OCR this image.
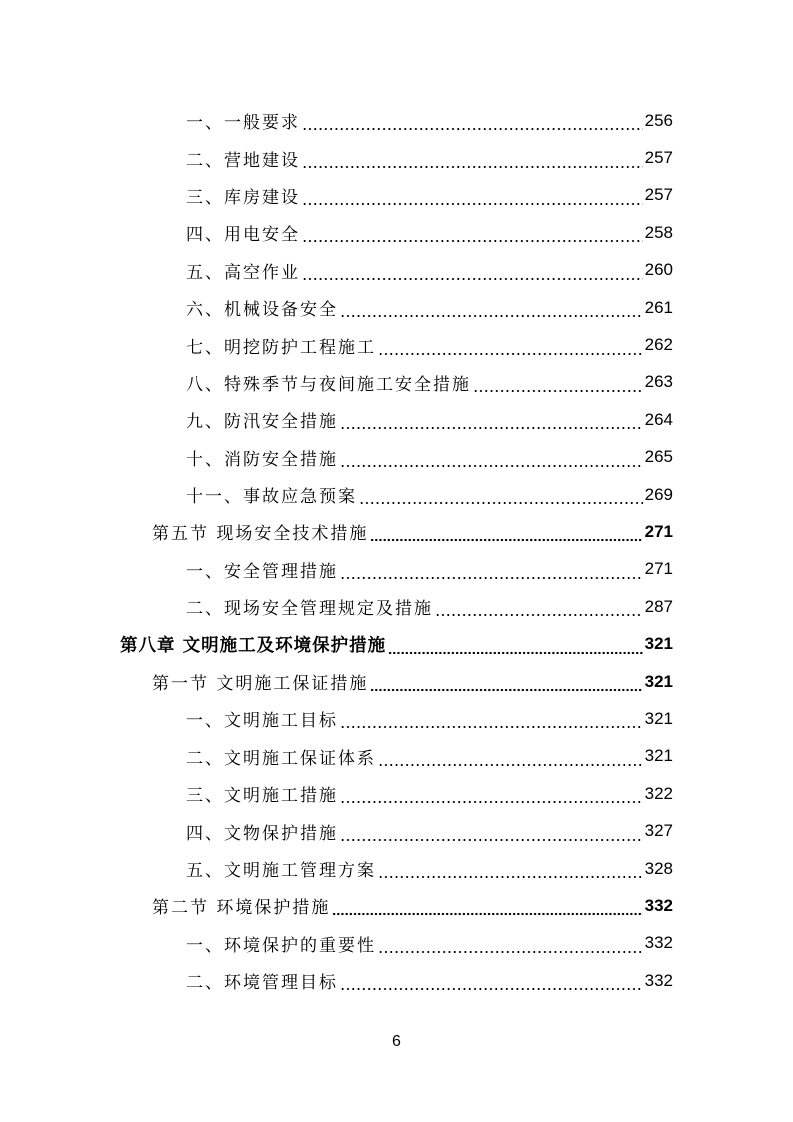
一、一般要求	256
二、营地建设	257
三、库房建设	257
四、用电安全	258
五、高空作业	260
六、机械设备安全	261
七、明挖防护工程施工	262
八、特殊季节与夜间施工安全措施	263
九、防汛安全措施	264
十、消防安全措施	265
十一、事故应急预案	269
第五节 现场安全技术措施	271
一、安全管理措施	271
二、现场安全管理规定及措施	287
第八章 文明施工及环境保护措施	321
第一节 文明施工保证措施	321
一、文明施工目标	321
二、文明施工保证体系	321
三、文明施工措施	322
四、文物保护措施	327
五、文明施工管理方案	328
第二节 环境保护措施	332
一、环境保护的重要性	332
二、环境管理目标	332
6
